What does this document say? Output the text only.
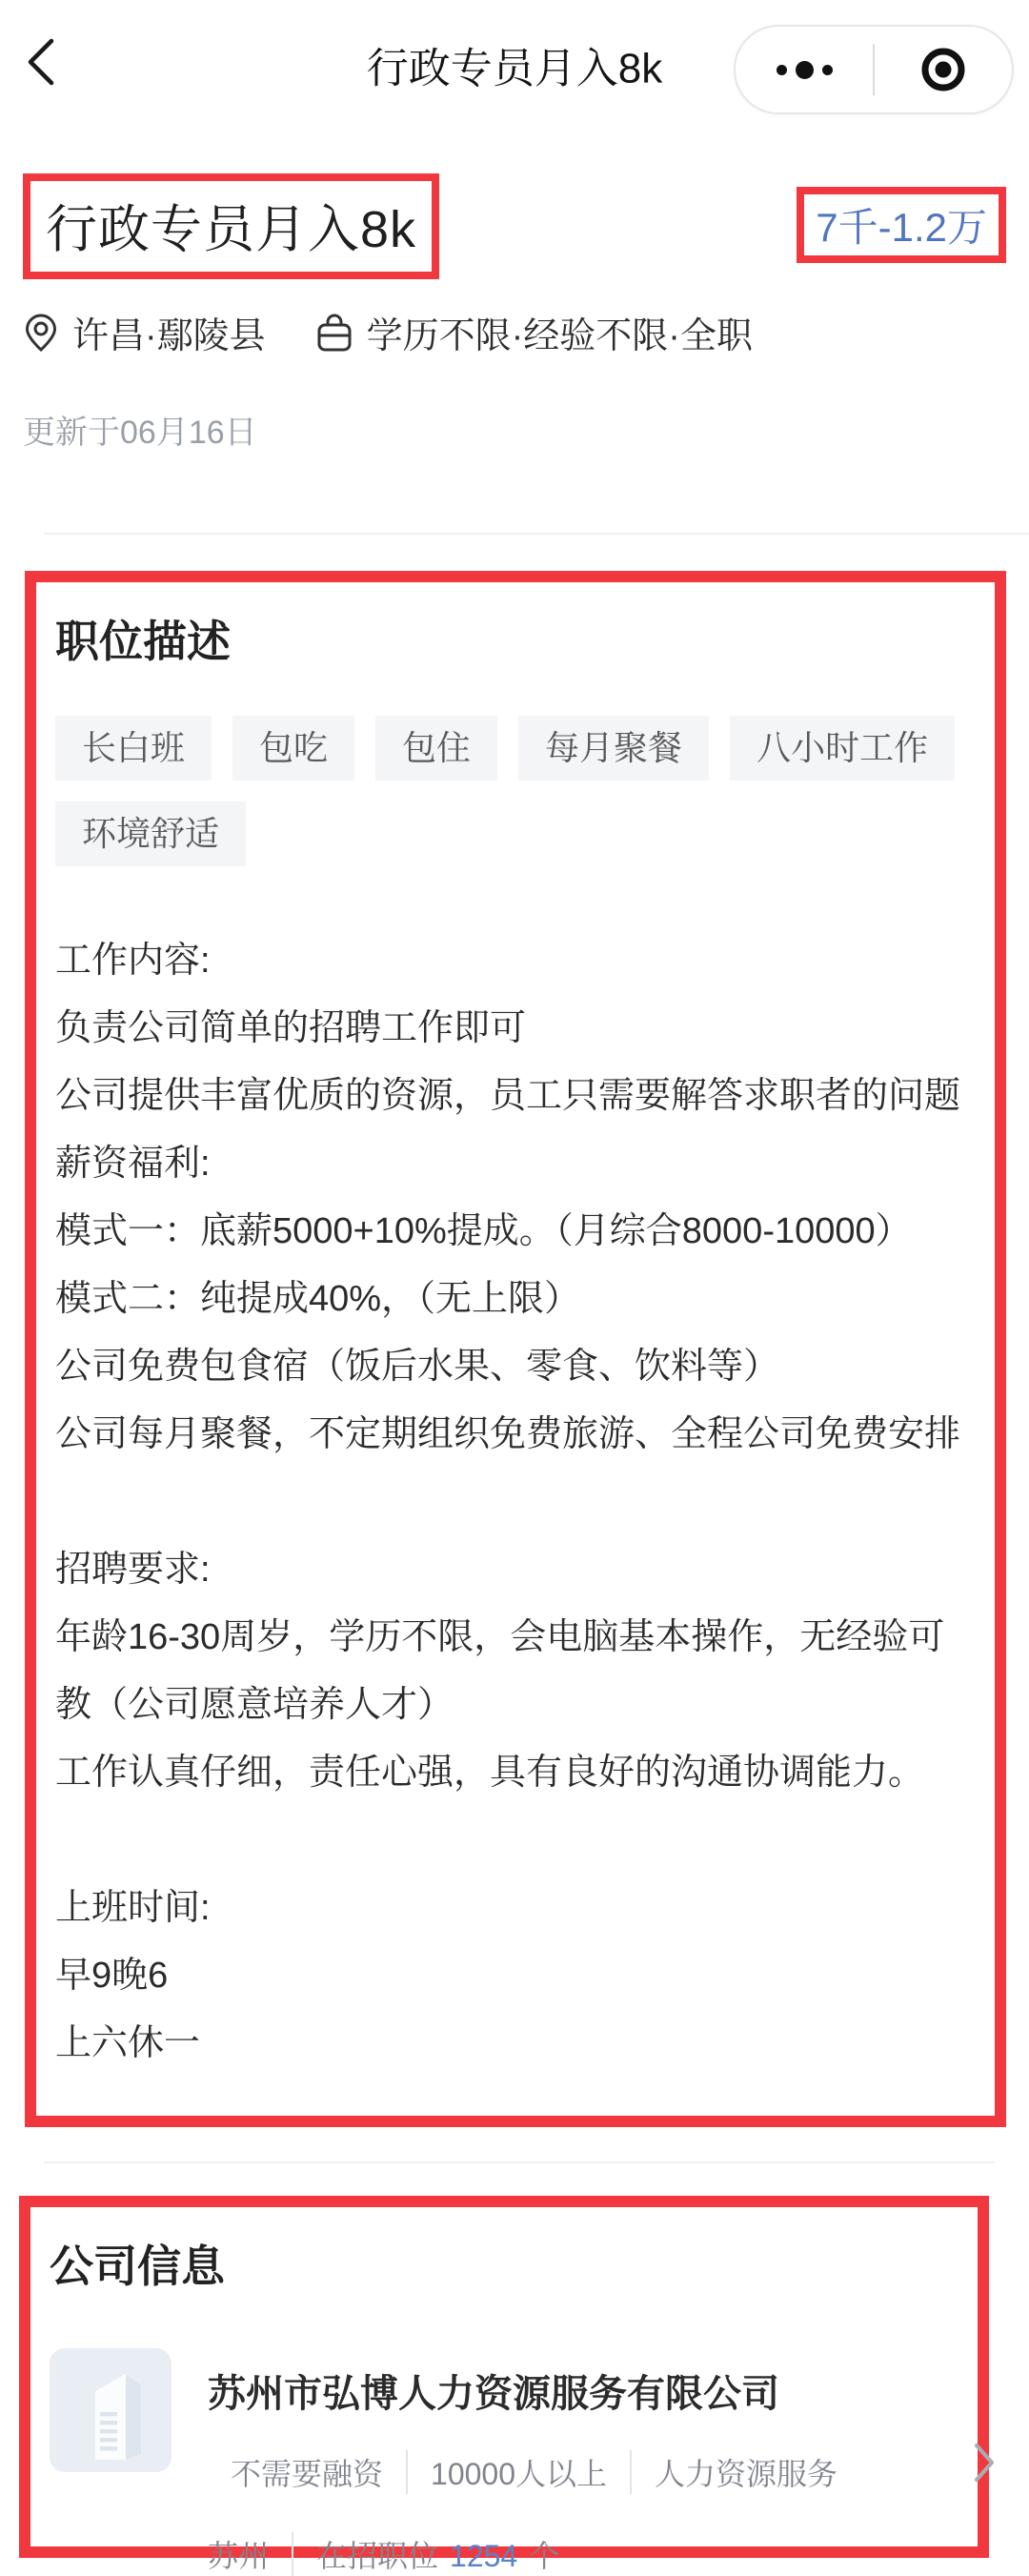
行政专员月入8k
行政专员月入8k	7千-1.2万
许昌·鄢陵县	学历不限·经验不限·全职
更新于06月16日
职位描述
长白班	包吃	包住	每月聚餐	八小时工作
环境舒适
工作内容:
负责公司简单的招聘工作即可
公司提供丰富优质的资源，员工只需要解答求职者的问题
薪资福利:
模式一：底薪5000+10%提成。（月综合8000-10000）
模式二：纯提成40%，（无上限）
公司免费包食宿（饭后水果、零食、饮料等）
公司每月聚餐，不定期组织免费旅游、全程公司免费安排
招聘要求:
年龄16-30周岁，学历不限，会电脑基本操作，无经验可教（公司愿意培养人才）
工作认真仔细，责任心强，具有良好的沟通协调能力。
上班时间:
早9晚6
上六休一
公司信息
苏州市弘博人力资源服务有限公司
不需要融资	10000人以上	人力资源服务
苏州	在招职位 1254 个
